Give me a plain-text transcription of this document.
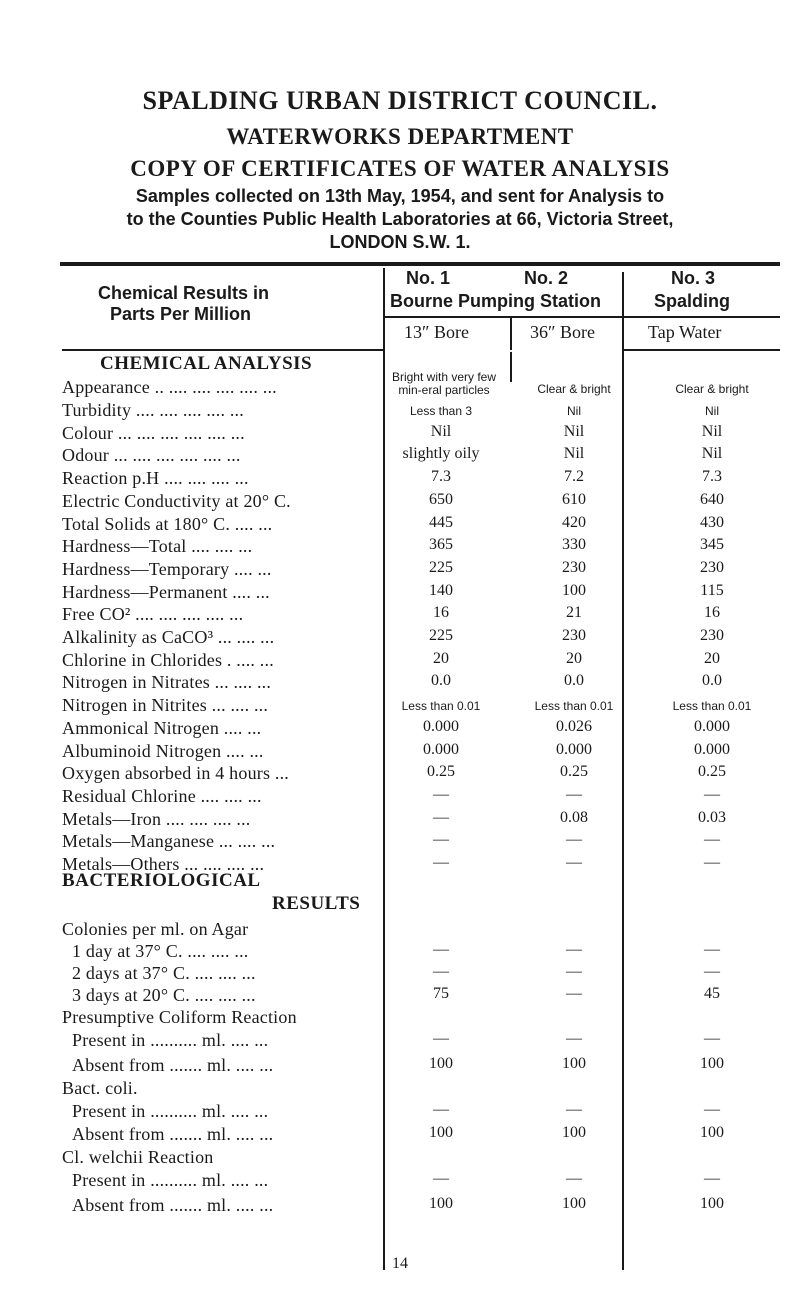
SPALDING URBAN DISTRICT COUNCIL.
WATERWORKS DEPARTMENT
COPY OF CERTIFICATES OF WATER ANALYSIS
Samples collected on 13th May, 1954, and sent for Analysis to
to the Counties Public Health Laboratories at 66, Victoria Street,
LONDON S.W. 1.
Chemical Results in
Parts Per Million
No. 1	No. 2	No. 3
Bourne Pumping Station	Spalding
13″ Bore	36″ Bore	Tap Water
CHEMICAL ANALYSIS
Appearance .. .... .... .... .... ...	Bright with very few min-eral particles	Clear & bright	Clear & bright
Turbidity .... .... .... .... ...	Less than 3	Nil	Nil
Colour ... .... .... .... .... ...	Nil	Nil	Nil
Odour ... .... .... .... .... ...	slightly oily	Nil	Nil
Reaction p.H .... .... .... ...	7.3	7.2	7.3
Electric Conductivity at 20° C.	650	610	640
Total Solids at 180° C. .... ...	445	420	430
Hardness—Total .... .... ...	365	330	345
Hardness—Temporary .... ...	225	230	230
Hardness—Permanent .... ...	140	100	115
Free CO² .... .... .... .... ...	16	21	16
Alkalinity as CaCO³ ... .... ...	225	230	230
Chlorine in Chlorides . .... ...	20	20	20
Nitrogen in Nitrates ... .... ...	0.0	0.0	0.0
Nitrogen in Nitrites ... .... ...	Less than 0.01	Less than 0.01	Less than 0.01
Ammonical Nitrogen .... ...	0.000	0.026	0.000
Albuminoid Nitrogen .... ...	0.000	0.000	0.000
Oxygen absorbed in 4 hours ...	0.25	0.25	0.25
Residual Chlorine .... .... ...	—	—	—
Metals—Iron .... .... .... ...	—	0.08	0.03
Metals—Manganese ... .... ...	—	—	—
Metals—Others ... .... .... ...	—	—	—
BACTERIOLOGICAL
RESULTS
Colonies per ml. on Agar
1 day at 37° C. .... .... ...	—	—	—
2 days at 37° C. .... .... ...	—	—	—
3 days at 20° C. .... .... ...	75	—	45
Presumptive Coliform Reaction
Present in .......... ml. .... ...	—	—	—
Absent from ....... ml. .... ...	100	100	100
Bact. coli.
Present in .......... ml. .... ...	—	—	—
Absent from ....... ml. .... ...	100	100	100
Cl. welchii Reaction
Present in .......... ml. .... ...	—	—	—
Absent from ....... ml. .... ...	100	100	100
14
